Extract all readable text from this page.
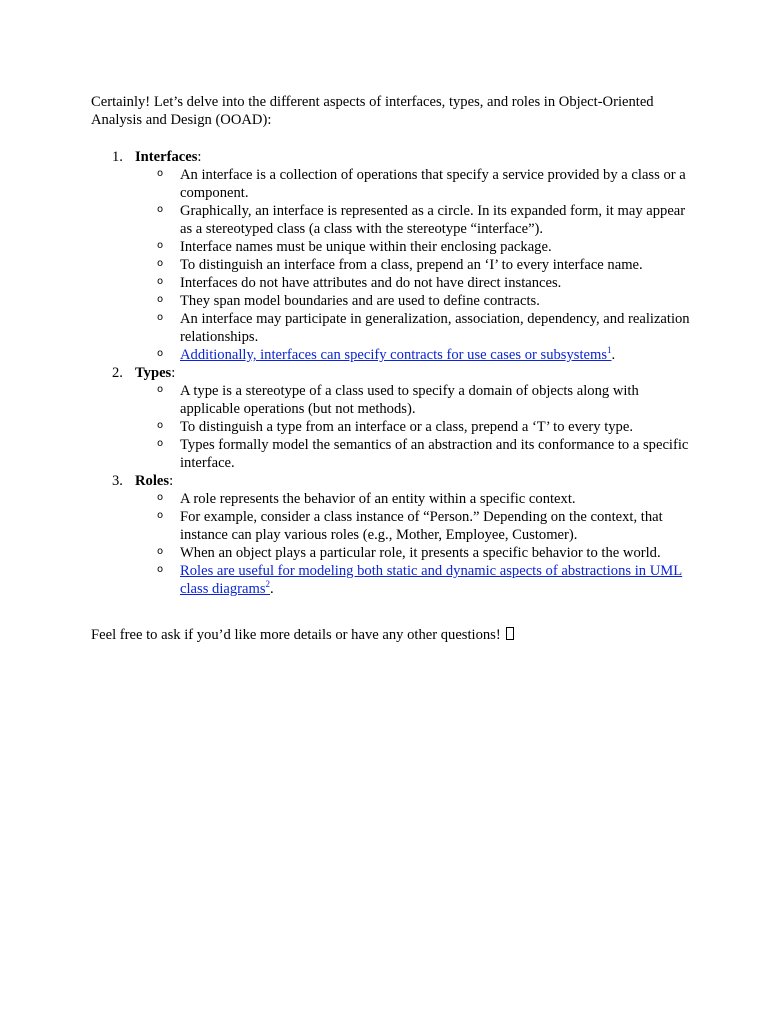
Certainly! Let’s delve into the different aspects of interfaces, types, and roles in Object-Oriented Analysis and Design (OOAD):

1. Interfaces:
o An interface is a collection of operations that specify a service provided by a class or a component.
o Graphically, an interface is represented as a circle. In its expanded form, it may appear as a stereotyped class (a class with the stereotype “interface”).
o Interface names must be unique within their enclosing package.
o To distinguish an interface from a class, prepend an ‘I’ to every interface name.
o Interfaces do not have attributes and do not have direct instances.
o They span model boundaries and are used to define contracts.
o An interface may participate in generalization, association, dependency, and realization relationships.
o Additionally, interfaces can specify contracts for use cases or subsystems$^1$.
2. Types:
o A type is a stereotype of a class used to specify a domain of objects along with applicable operations (but not methods).
o To distinguish a type from an interface or a class, prepend a ‘T’ to every type.
o Types formally model the semantics of an abstraction and its conformance to a specific interface.
3. Roles:
o A role represents the behavior of an entity within a specific context.
o For example, consider a class instance of “Person.” Depending on the context, that instance can play various roles (e.g., Mother, Employee, Customer).
o When an object plays a particular role, it presents a specific behavior to the world.
o Roles are useful for modeling both static and dynamic aspects of abstractions in UML class diagrams$^2$.

Feel free to ask if you’d like more details or have any other questions!
